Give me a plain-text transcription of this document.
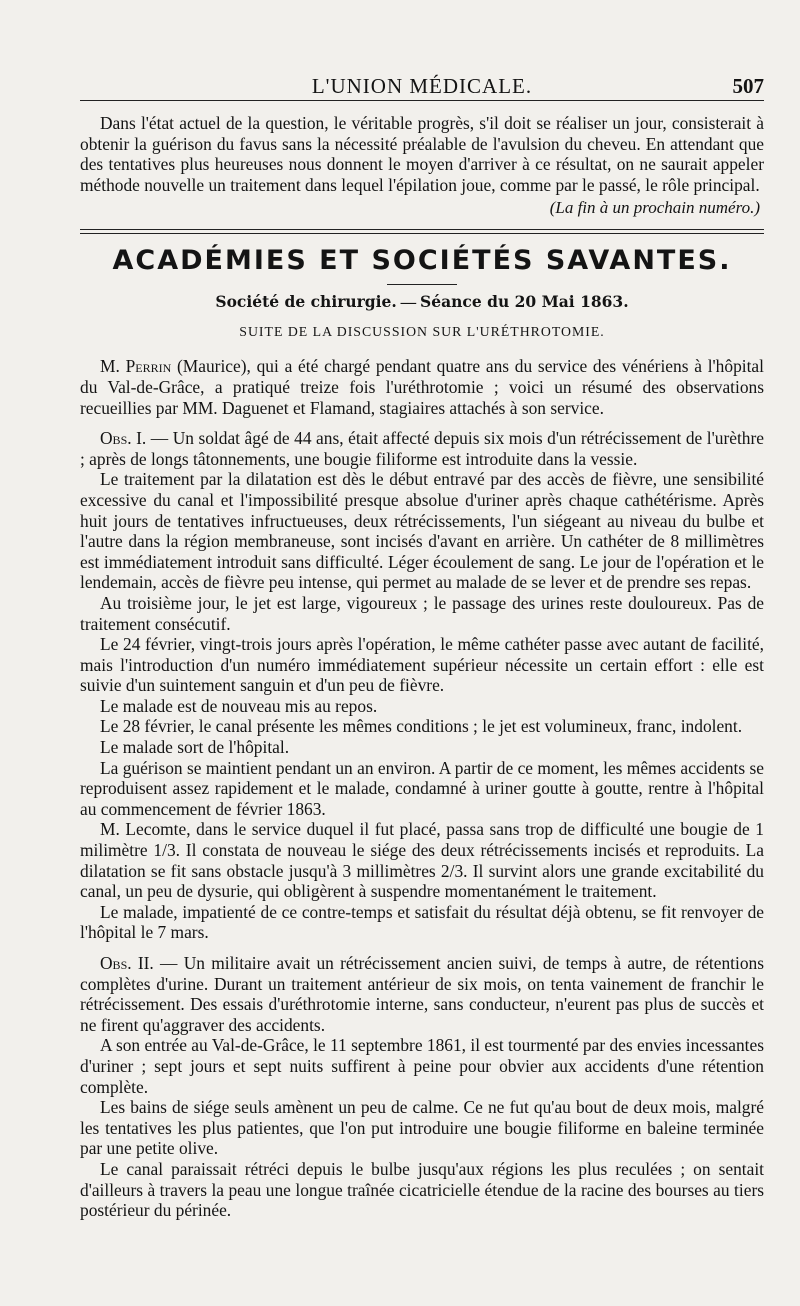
L'UNION MÉDICALE.	507

Dans l'état actuel de la question, le véritable progrès, s'il doit se réaliser un jour, consisterait à obtenir la guérison du favus sans la nécessité préalable de l'avulsion du cheveu. En attendant que des tentatives plus heureuses nous donnent le moyen d'arriver à ce résultat, on ne saurait appeler méthode nouvelle un traitement dans lequel l'épilation joue, comme par le passé, le rôle principal.

(La fin à un prochain numéro.)
ACADÉMIES ET SOCIÉTÉS SAVANTES.
Société de chirurgie. — Séance du 20 Mai 1863.
SUITE DE LA DISCUSSION SUR L'URÉTHROTOMIE.

M. Perrin (Maurice), qui a été chargé pendant quatre ans du service des vénériens à l'hôpital du Val-de-Grâce, a pratiqué treize fois l'uréthrotomie ; voici un résumé des observations recueillies par MM. Daguenet et Flamand, stagiaires attachés à son service.

Obs. I. — Un soldat âgé de 44 ans, était affecté depuis six mois d'un rétrécissement de l'urèthre ; après de longs tâtonnements, une bougie filiforme est introduite dans la vessie.

Le traitement par la dilatation est dès le début entravé par des accès de fièvre, une sensibilité excessive du canal et l'impossibilité presque absolue d'uriner après chaque cathétérisme. Après huit jours de tentatives infructueuses, deux rétrécissements, l'un siégeant au niveau du bulbe et l'autre dans la région membraneuse, sont incisés d'avant en arrière. Un cathéter de 8 millimètres est immédiatement introduit sans difficulté. Léger écoulement de sang. Le jour de l'opération et le lendemain, accès de fièvre peu intense, qui permet au malade de se lever et de prendre ses repas.

Au troisième jour, le jet est large, vigoureux ; le passage des urines reste douloureux. Pas de traitement consécutif.

Le 24 février, vingt-trois jours après l'opération, le même cathéter passe avec autant de facilité, mais l'introduction d'un numéro immédiatement supérieur nécessite un certain effort : elle est suivie d'un suintement sanguin et d'un peu de fièvre.

Le malade est de nouveau mis au repos.

Le 28 février, le canal présente les mêmes conditions ; le jet est volumineux, franc, indolent.

Le malade sort de l'hôpital.

La guérison se maintient pendant un an environ. A partir de ce moment, les mêmes accidents se reproduisent assez rapidement et le malade, condamné à uriner goutte à goutte, rentre à l'hôpital au commencement de février 1863.

M. Lecomte, dans le service duquel il fut placé, passa sans trop de difficulté une bougie de 1 milimètre 1/3. Il constata de nouveau le siége des deux rétrécissements incisés et reproduits. La dilatation se fit sans obstacle jusqu'à 3 millimètres 2/3. Il survint alors une grande excitabilité du canal, un peu de dysurie, qui obligèrent à suspendre momentanément le traitement.

Le malade, impatienté de ce contre-temps et satisfait du résultat déjà obtenu, se fit renvoyer de l'hôpital le 7 mars.

Obs. II. — Un militaire avait un rétrécissement ancien suivi, de temps à autre, de rétentions complètes d'urine. Durant un traitement antérieur de six mois, on tenta vainement de franchir le rétrécissement. Des essais d'uréthrotomie interne, sans conducteur, n'eurent pas plus de succès et ne firent qu'aggraver des accidents.

A son entrée au Val-de-Grâce, le 11 septembre 1861, il est tourmenté par des envies incessantes d'uriner ; sept jours et sept nuits suffirent à peine pour obvier aux accidents d'une rétention complète.

Les bains de siége seuls amènent un peu de calme. Ce ne fut qu'au bout de deux mois, malgré les tentatives les plus patientes, que l'on put introduire une bougie filiforme en baleine terminée par une petite olive.

Le canal paraissait rétréci depuis le bulbe jusqu'aux régions les plus reculées ; on sentait d'ailleurs à travers la peau une longue traînée cicatricielle étendue de la racine des bourses au tiers postérieur du périnée.
